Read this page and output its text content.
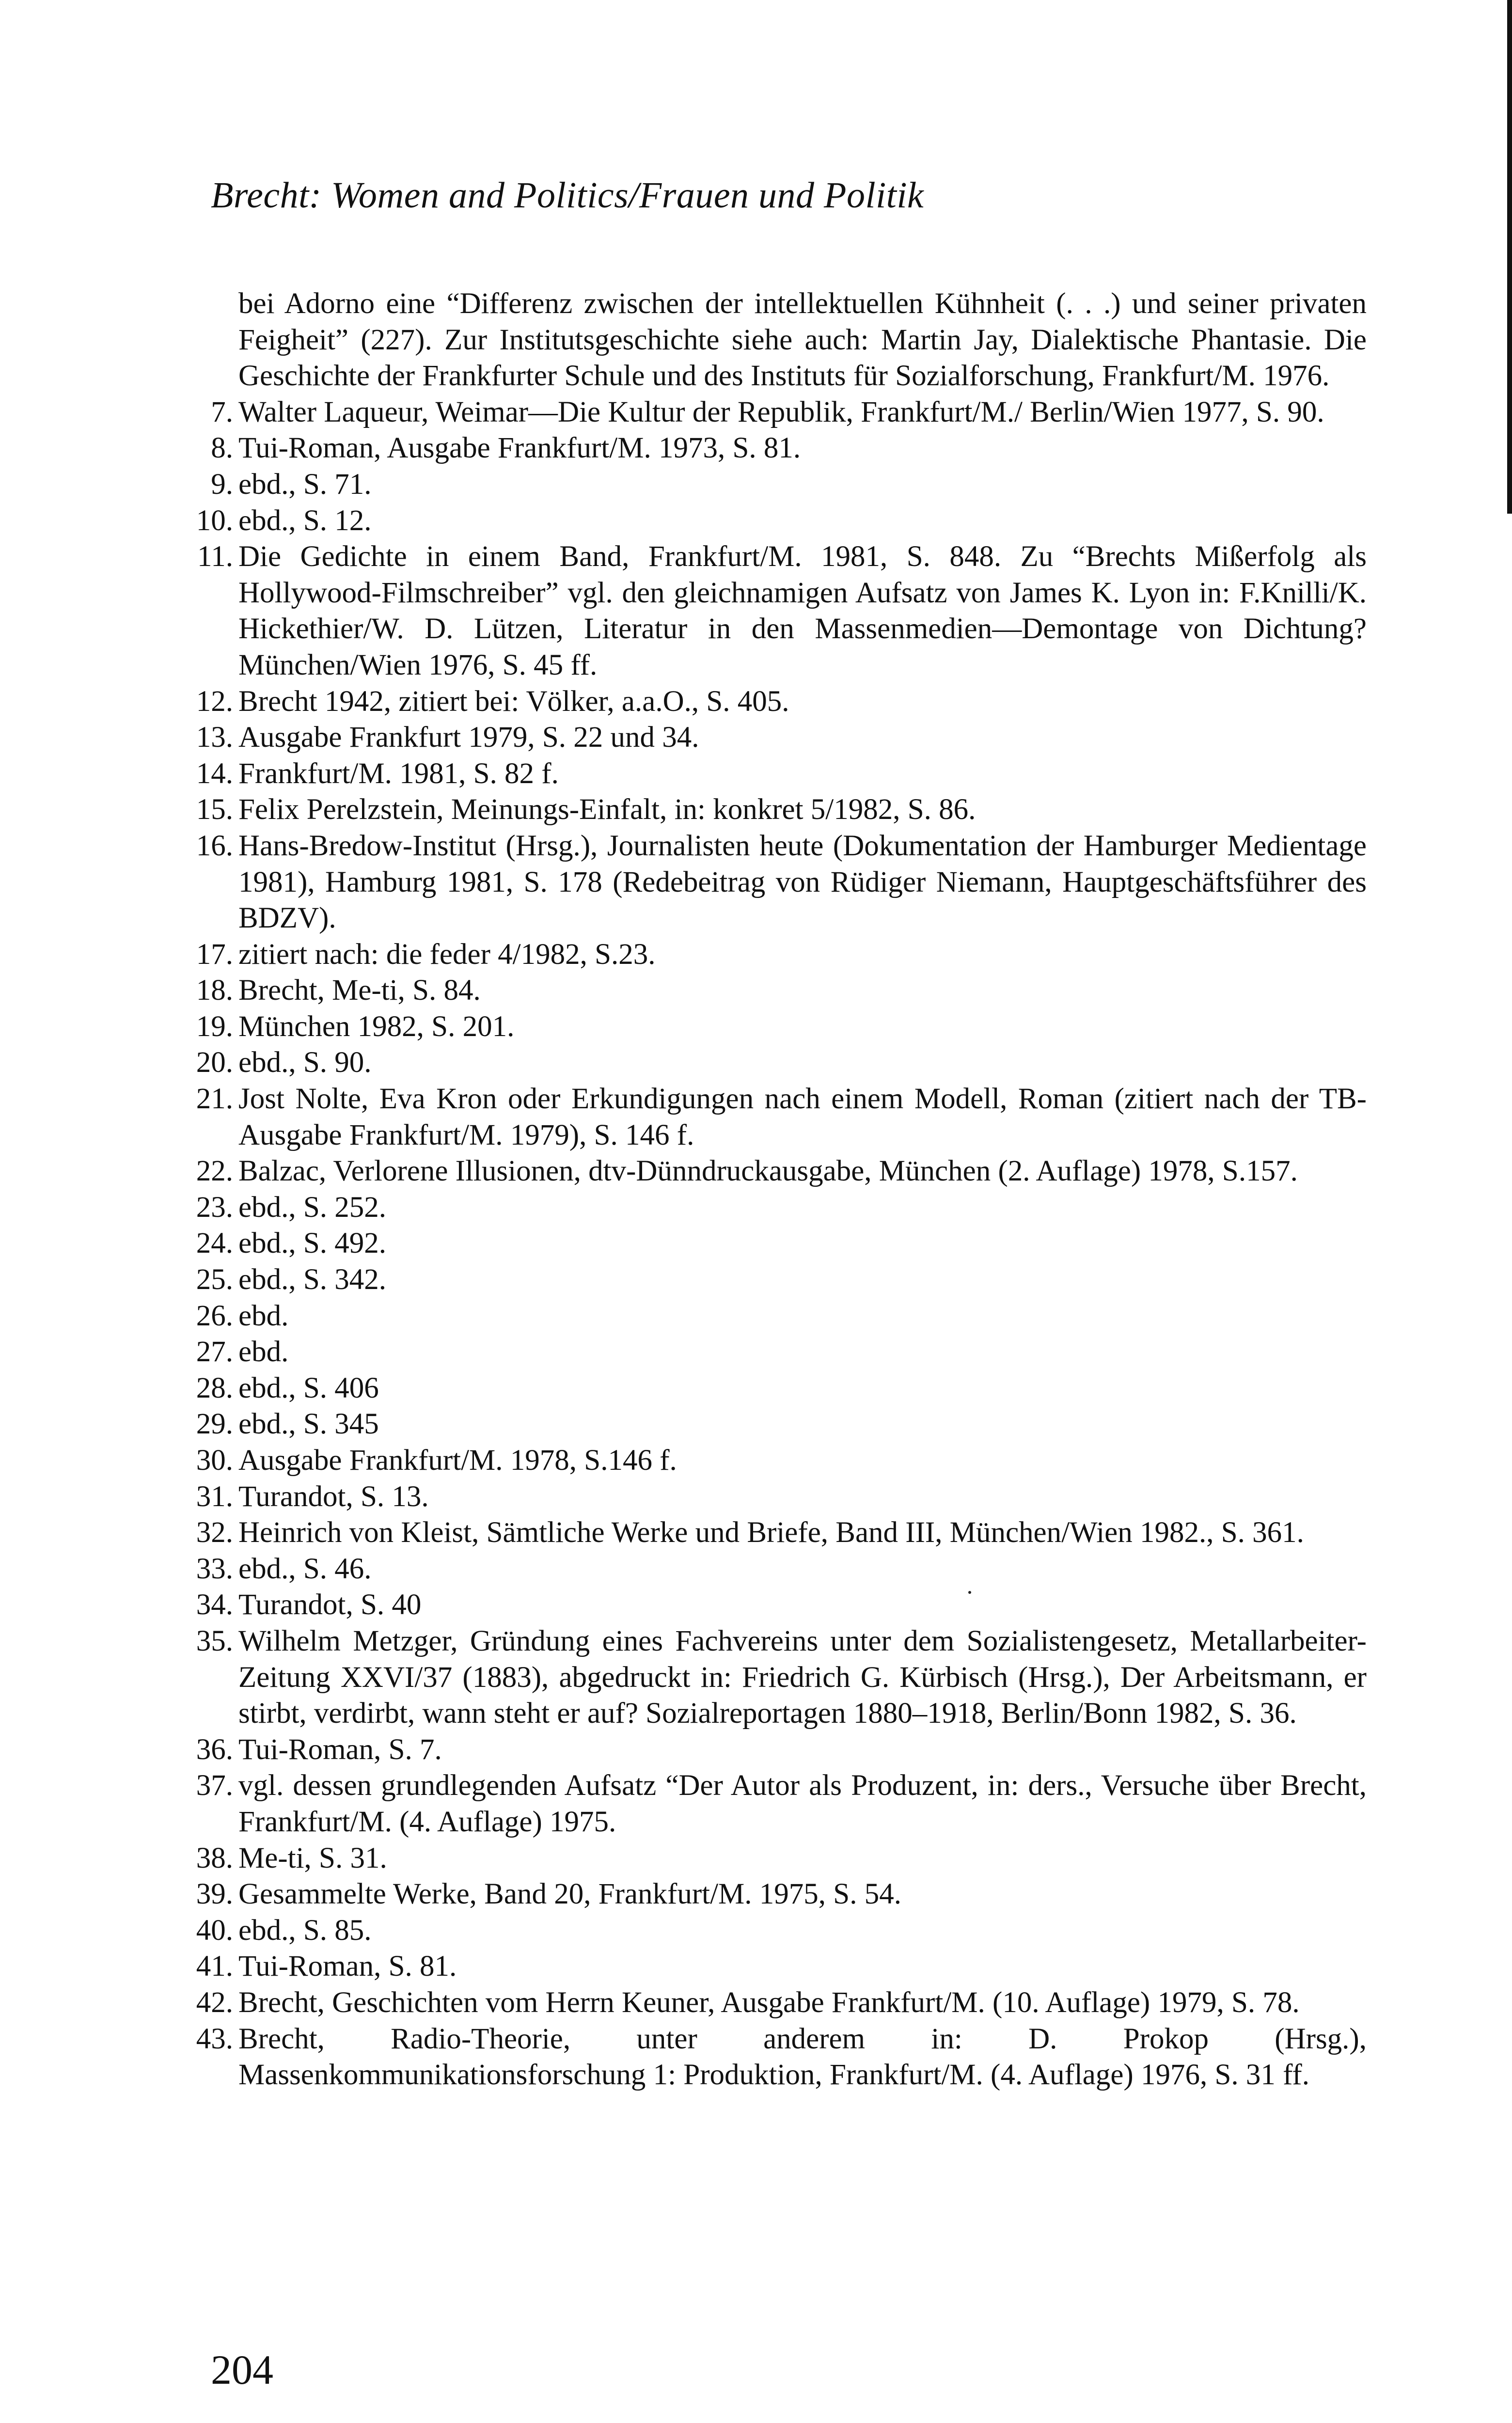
Brecht: Women and Politics/Frauen und Politik
bei Adorno eine “Differenz zwischen der intellektuellen Kühnheit (. . .) und seiner privaten Feigheit” (227). Zur Institutsgeschichte siehe auch: Martin Jay, Dialektische Phantasie. Die Geschichte der Frankfurter Schule und des Instituts für Sozialforschung, Frankfurt/M. 1976.
7. Walter Laqueur, Weimar—Die Kultur der Republik, Frankfurt/M./ Berlin/Wien 1977, S. 90.
8. Tui-Roman, Ausgabe Frankfurt/M. 1973, S. 81.
9. ebd., S. 71.
10. ebd., S. 12.
11. Die Gedichte in einem Band, Frankfurt/M. 1981, S. 848. Zu “Brechts Mißerfolg als Hollywood-Filmschreiber” vgl. den gleichnamigen Aufsatz von James K. Lyon in: F.Knilli/K. Hickethier/W. D. Lützen, Literatur in den Massenmedien—Demontage von Dichtung? München/Wien 1976, S. 45 ff.
12. Brecht 1942, zitiert bei: Völker, a.a.O., S. 405.
13. Ausgabe Frankfurt 1979, S. 22 und 34.
14. Frankfurt/M. 1981, S. 82 f.
15. Felix Perelzstein, Meinungs-Einfalt, in: konkret 5/1982, S. 86.
16. Hans-Bredow-Institut (Hrsg.), Journalisten heute (Dokumentation der Hamburger Medientage 1981), Hamburg 1981, S. 178 (Redebeitrag von Rüdiger Niemann, Hauptgeschäftsführer des BDZV).
17. zitiert nach: die feder 4/1982, S.23.
18. Brecht, Me-ti, S. 84.
19. München 1982, S. 201.
20. ebd., S. 90.
21. Jost Nolte, Eva Kron oder Erkundigungen nach einem Modell, Roman (zitiert nach der TB-Ausgabe Frankfurt/M. 1979), S. 146 f.
22. Balzac, Verlorene Illusionen, dtv-Dünndruckausgabe, München (2. Auflage) 1978, S.157.
23. ebd., S. 252.
24. ebd., S. 492.
25. ebd., S. 342.
26. ebd.
27. ebd.
28. ebd., S. 406
29. ebd., S. 345
30. Ausgabe Frankfurt/M. 1978, S.146 f.
31. Turandot, S. 13.
32. Heinrich von Kleist, Sämtliche Werke und Briefe, Band III, München/Wien 1982., S. 361.
33. ebd., S. 46.
34. Turandot, S. 40
35. Wilhelm Metzger, Gründung eines Fachvereins unter dem Sozialistengesetz, Metallarbeiter-Zeitung XXVI/37 (1883), abgedruckt in: Friedrich G. Kürbisch (Hrsg.), Der Arbeitsmann, er stirbt, verdirbt, wann steht er auf? Sozialreportagen 1880–1918, Berlin/Bonn 1982, S. 36.
36. Tui-Roman, S. 7.
37. vgl. dessen grundlegenden Aufsatz “Der Autor als Produzent, in: ders., Versuche über Brecht, Frankfurt/M. (4. Auflage) 1975.
38. Me-ti, S. 31.
39. Gesammelte Werke, Band 20, Frankfurt/M. 1975, S. 54.
40. ebd., S. 85.
41. Tui-Roman, S. 81.
42. Brecht, Geschichten vom Herrn Keuner, Ausgabe Frankfurt/M. (10. Auflage) 1979, S. 78.
43. Brecht, Radio-Theorie, unter anderem in: D. Prokop (Hrsg.), Massenkommunikationsforschung 1: Produktion, Frankfurt/M. (4. Auflage) 1976, S. 31 ff.
204
